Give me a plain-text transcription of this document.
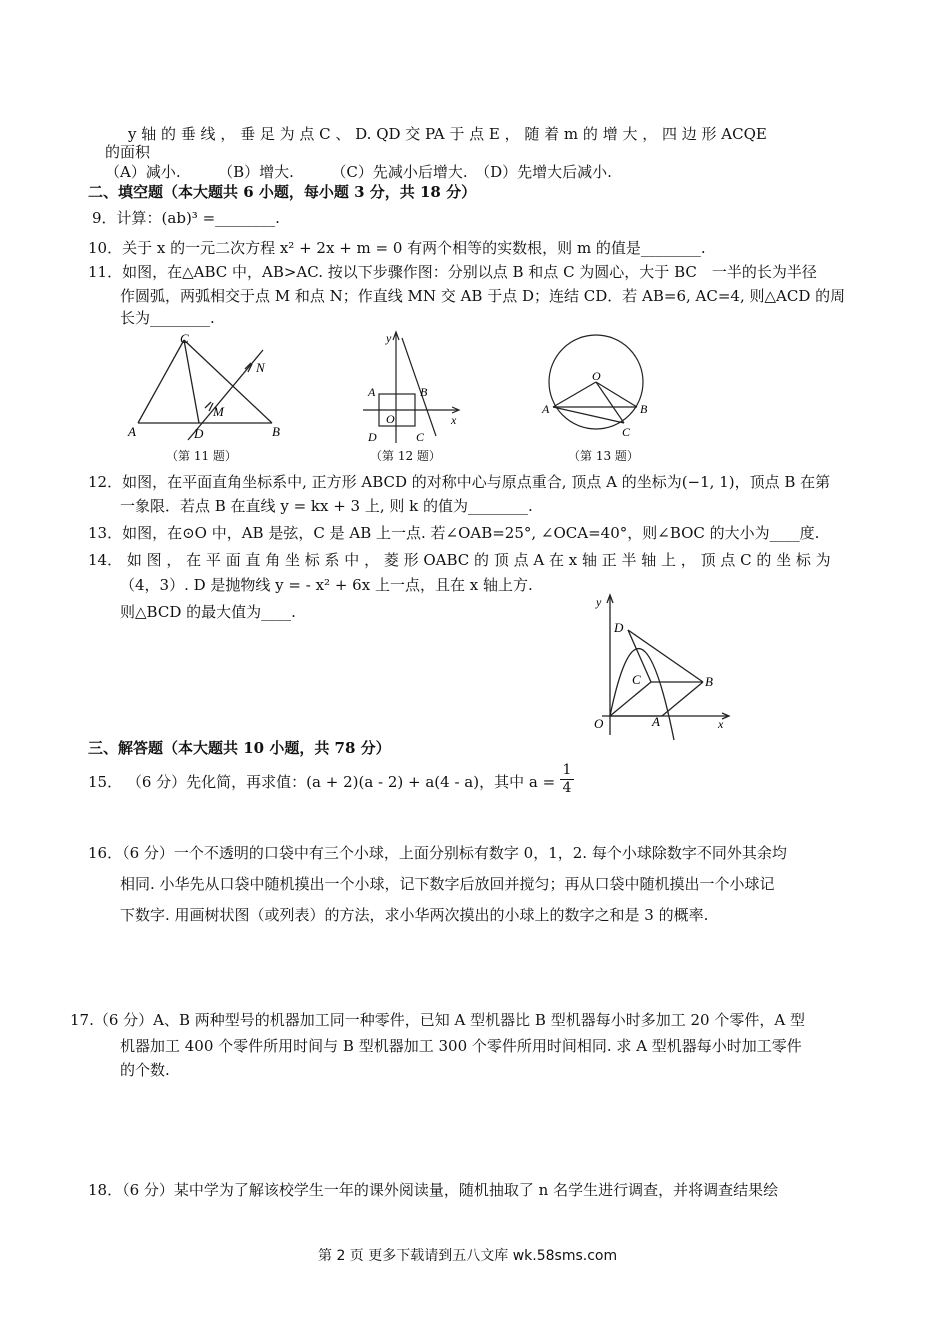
y 轴 的 垂 线 ， 垂 足 为 点 C 、 D. QD 交 PA 于 点 E ， 随 着 m 的 增 大 ， 四 边 形 ACQE
的面积
（A）减小.　　　（B）增大.　　　（C）先减小后增大.　（D）先增大后减小.
二、填空题（本大题共 6 小题，每小题 3 分，共 18 分）
9．计算：(ab)³ =________.
10．关于 x 的一元二次方程 x² + 2x + m = 0 有两个相等的实数根，则 m 的值是________.
11．如图，在△ABC 中，AB>AC. 按以下步骤作图：分别以点 B 和点 C 为圆心，大于 BC　一半的长为半径
作圆弧，两弧相交于点 M 和点 N；作直线 MN 交 AB 于点 D；连结 CD．若 AB=6, AC=4, 则△ACD 的周
长为________.
C
N
M
A	D	B
y
A	B
O	x
D	C
O
A	B
C
（第 11 题）	（第 12 题）	（第 13 题）
12．如图，在平面直角坐标系中, 正方形 ABCD 的对称中心与原点重合, 顶点 A 的坐标为(−1, 1)，顶点 B 在第
一象限．若点 B 在直线 y = kx + 3 上, 则 k 的值为________.
13．如图，在⊙O 中，AB 是弦，C 是 AB 上一点. 若∠OAB=25°, ∠OCA=40°，则∠BOC 的大小为____度.
14． 如 图 ， 在 平 面 直 角 坐 标 系 中 ， 菱 形 OABC 的 顶 点 A 在 x 轴 正 半 轴 上 ， 顶 点 C 的 坐 标 为
（4，3）. D 是抛物线 y = - x² + 6x 上一点，且在 x 轴上方.
则△BCD 的最大值为____.
y
D
C	B
O	A	x
三、解答题（本大题共 10 小题，共 78 分）
15． （6 分）先化简，再求值：(a + 2)(a - 2) + a(4 - a)，其中 $a = \frac{1}{4}$
16．（6 分）一个不透明的口袋中有三个小球，上面分别标有数字 0，1，2. 每个小球除数字不同外其余均
相同. 小华先从口袋中随机摸出一个小球，记下数字后放回并搅匀；再从口袋中随机摸出一个小球记
下数字. 用画树状图（或列表）的方法，求小华两次摸出的小球上的数字之和是 3 的概率.
17.（6 分）A、B 两种型号的机器加工同一种零件，已知 A 型机器比 B 型机器每小时多加工 20 个零件，A 型
机器加工 400 个零件所用时间与 B 型机器加工 300 个零件所用时间相同. 求 A 型机器每小时加工零件
的个数.
18．（6 分）某中学为了解该校学生一年的课外阅读量，随机抽取了 n 名学生进行调查，并将调查结果绘
第 2 页 更多下载请到五八文库 wk.58sms.com
